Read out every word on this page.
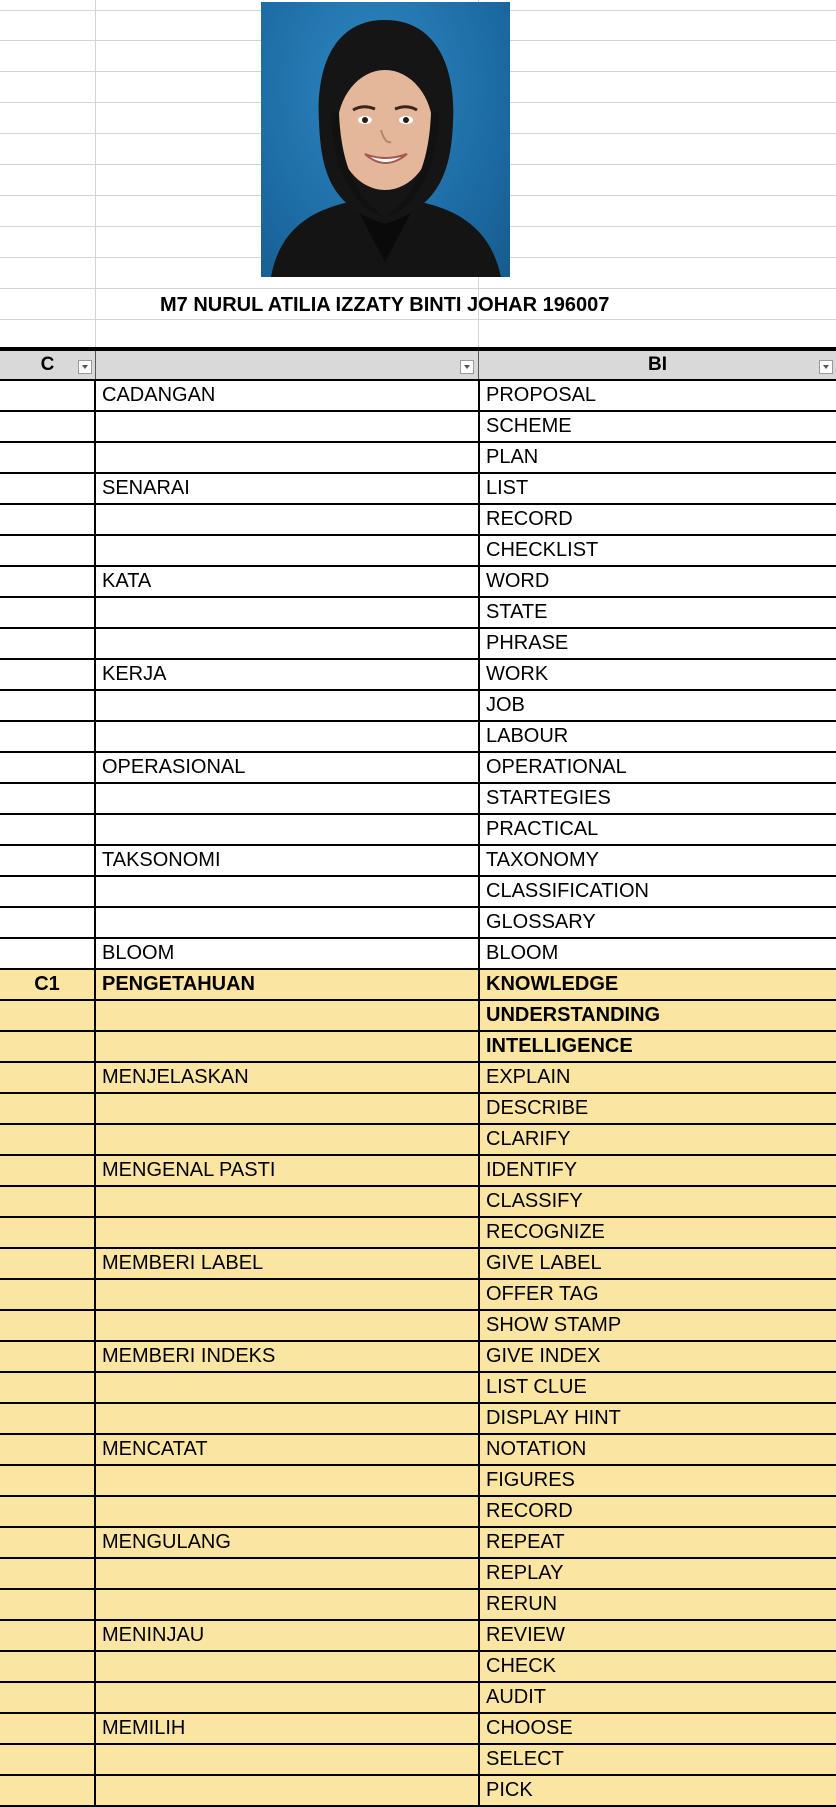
M7 NURUL ATILIA IZZATY BINTI JOHAR 196007
C	BI
CADANGAN	PROPOSAL
SCHEME
PLAN
SENARAI	LIST
RECORD
CHECKLIST
KATA	WORD
STATE
PHRASE
KERJA	WORK
JOB
LABOUR
OPERASIONAL	OPERATIONAL
STARTEGIES
PRACTICAL
TAKSONOMI	TAXONOMY
CLASSIFICATION
GLOSSARY
BLOOM	BLOOM
C1	PENGETAHUAN	KNOWLEDGE
UNDERSTANDING
INTELLIGENCE
MENJELASKAN	EXPLAIN
DESCRIBE
CLARIFY
MENGENAL PASTI	IDENTIFY
CLASSIFY
RECOGNIZE
MEMBERI LABEL	GIVE LABEL
OFFER TAG
SHOW STAMP
MEMBERI INDEKS	GIVE INDEX
LIST CLUE
DISPLAY HINT
MENCATAT	NOTATION
FIGURES
RECORD
MENGULANG	REPEAT
REPLAY
RERUN
MENINJAU	REVIEW
CHECK
AUDIT
MEMILIH	CHOOSE
SELECT
PICK
